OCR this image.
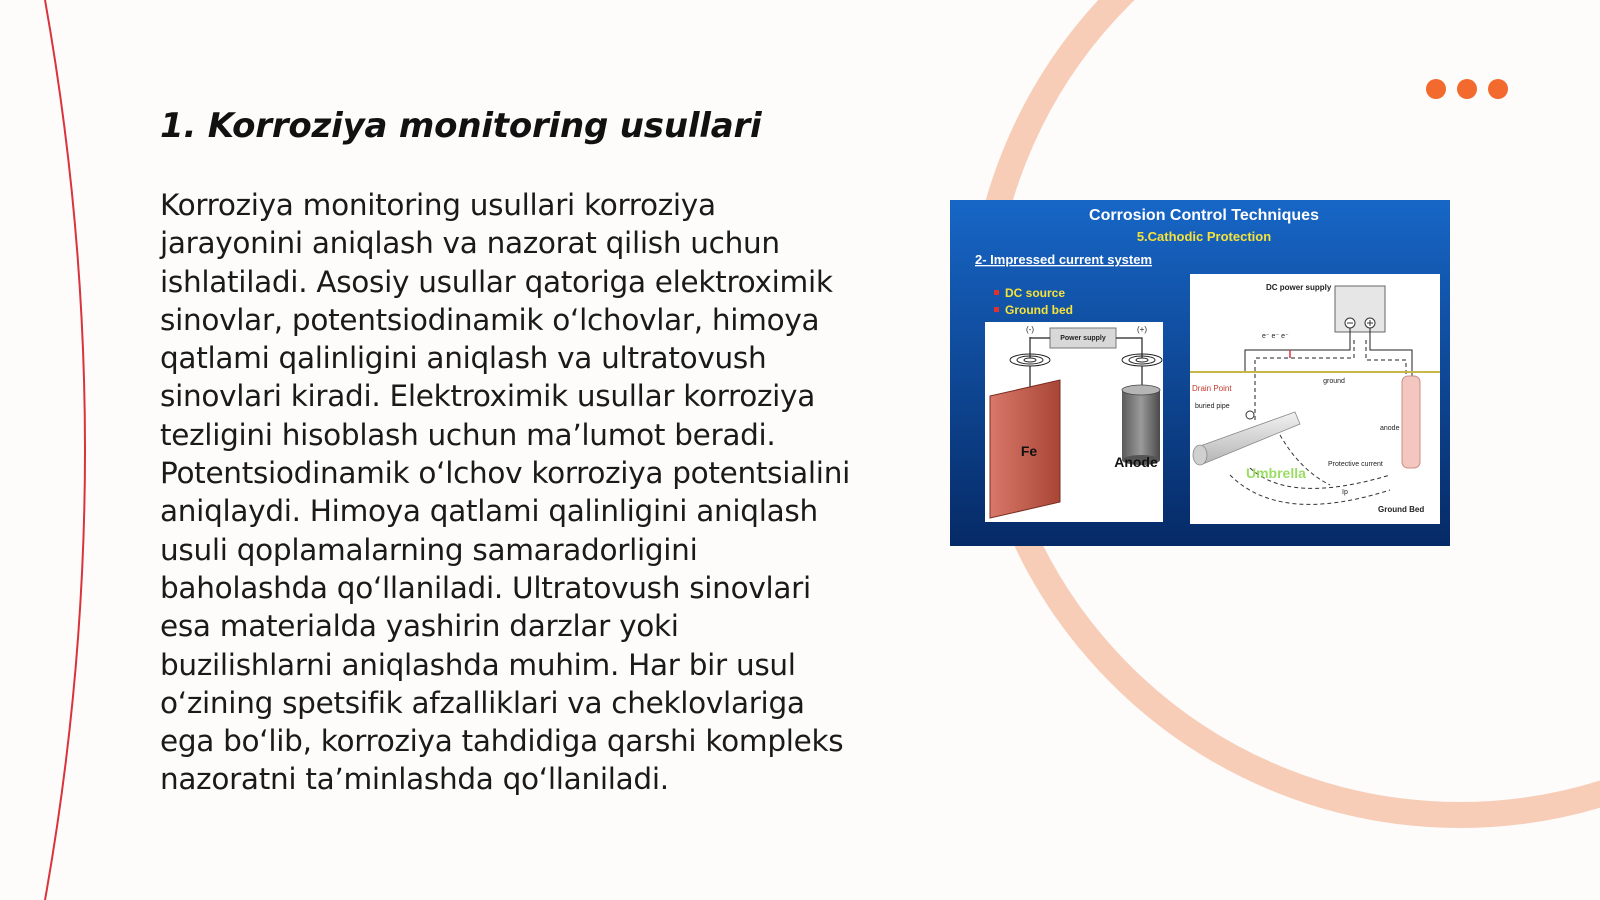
1. Korroziya monitoring usullari

Korroziya monitoring usullari korroziya jarayonini aniqlash va nazorat qilish uchun ishlatiladi. Asosiy usullar qatoriga elektroximik sinovlar, potentsiodinamik o‘lchovlar, himoya qatlami qalinligini aniqlash va ultratovush sinovlari kiradi. Elektroximik usullar korroziya tezligini hisoblash uchun ma’lumot beradi. Potentsiodinamik o‘lchov korroziya potentsialini aniqlaydi. Himoya qatlami qalinligini aniqlash usuli qoplamalarning samaradorligini baholashda qo‘llaniladi. Ultratovush sinovlari esa materialda yashirin darzlar yoki buzilishlarni aniqlashda muhim. Har bir usul o‘zining spetsifik afzalliklari va cheklovlariga ega bo‘lib, korroziya tahdidiga qarshi kompleks nazoratni ta’minlashda qo‘llaniladi.

Corrosion Control Techniques
5.Cathodic Protection
2- Impressed current system
DC source
Ground bed
Power supply
(-)	(+)
Fe
Anode
DC power supply
e⁻ e⁻ e⁻
ground
Drain Point
buried pipe
anode
Umbrella
Protective current
Ip
Ground Bed
